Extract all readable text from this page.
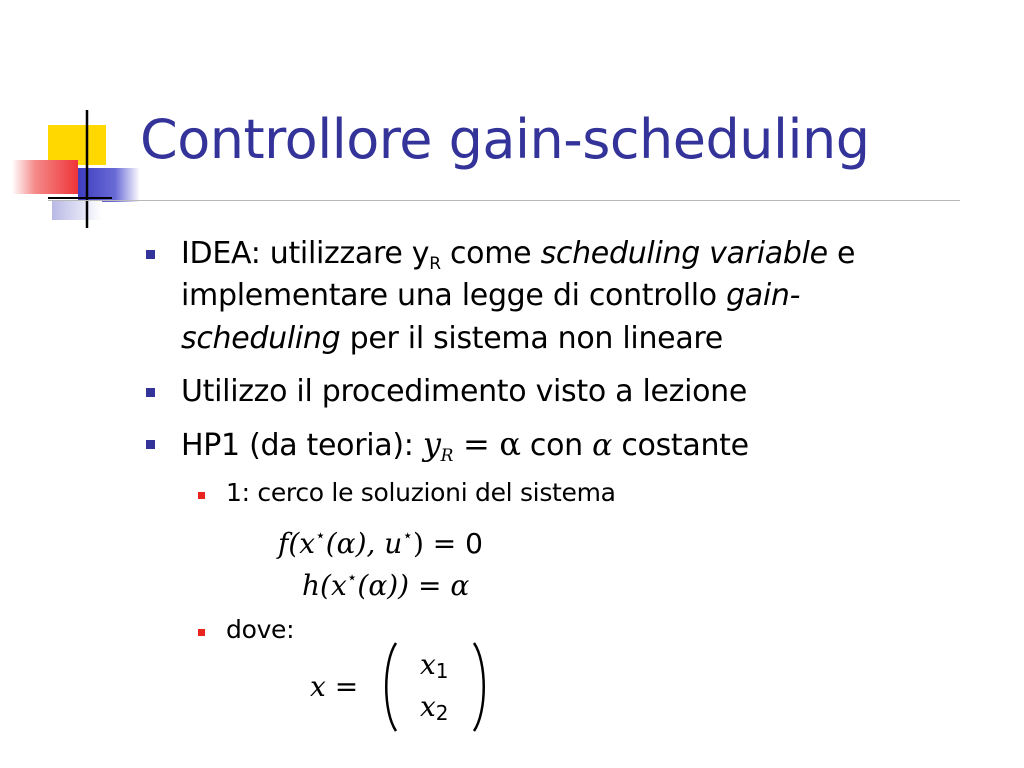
Controllore gain-scheduling
IDEA: utilizzare $y_R$ come scheduling variable e
implementare una legge di controllo gain-
scheduling per il sistema non lineare
Utilizzo il procedimento visto a lezione
HP1 (da teoria): $y_R = \alpha$ con α costante
1: cerco le soluzioni del sistema
f(x⋆(α), u⋆) = 0
h(x⋆(α)) = α
dove:
x =
$x_1$
$x_2$
